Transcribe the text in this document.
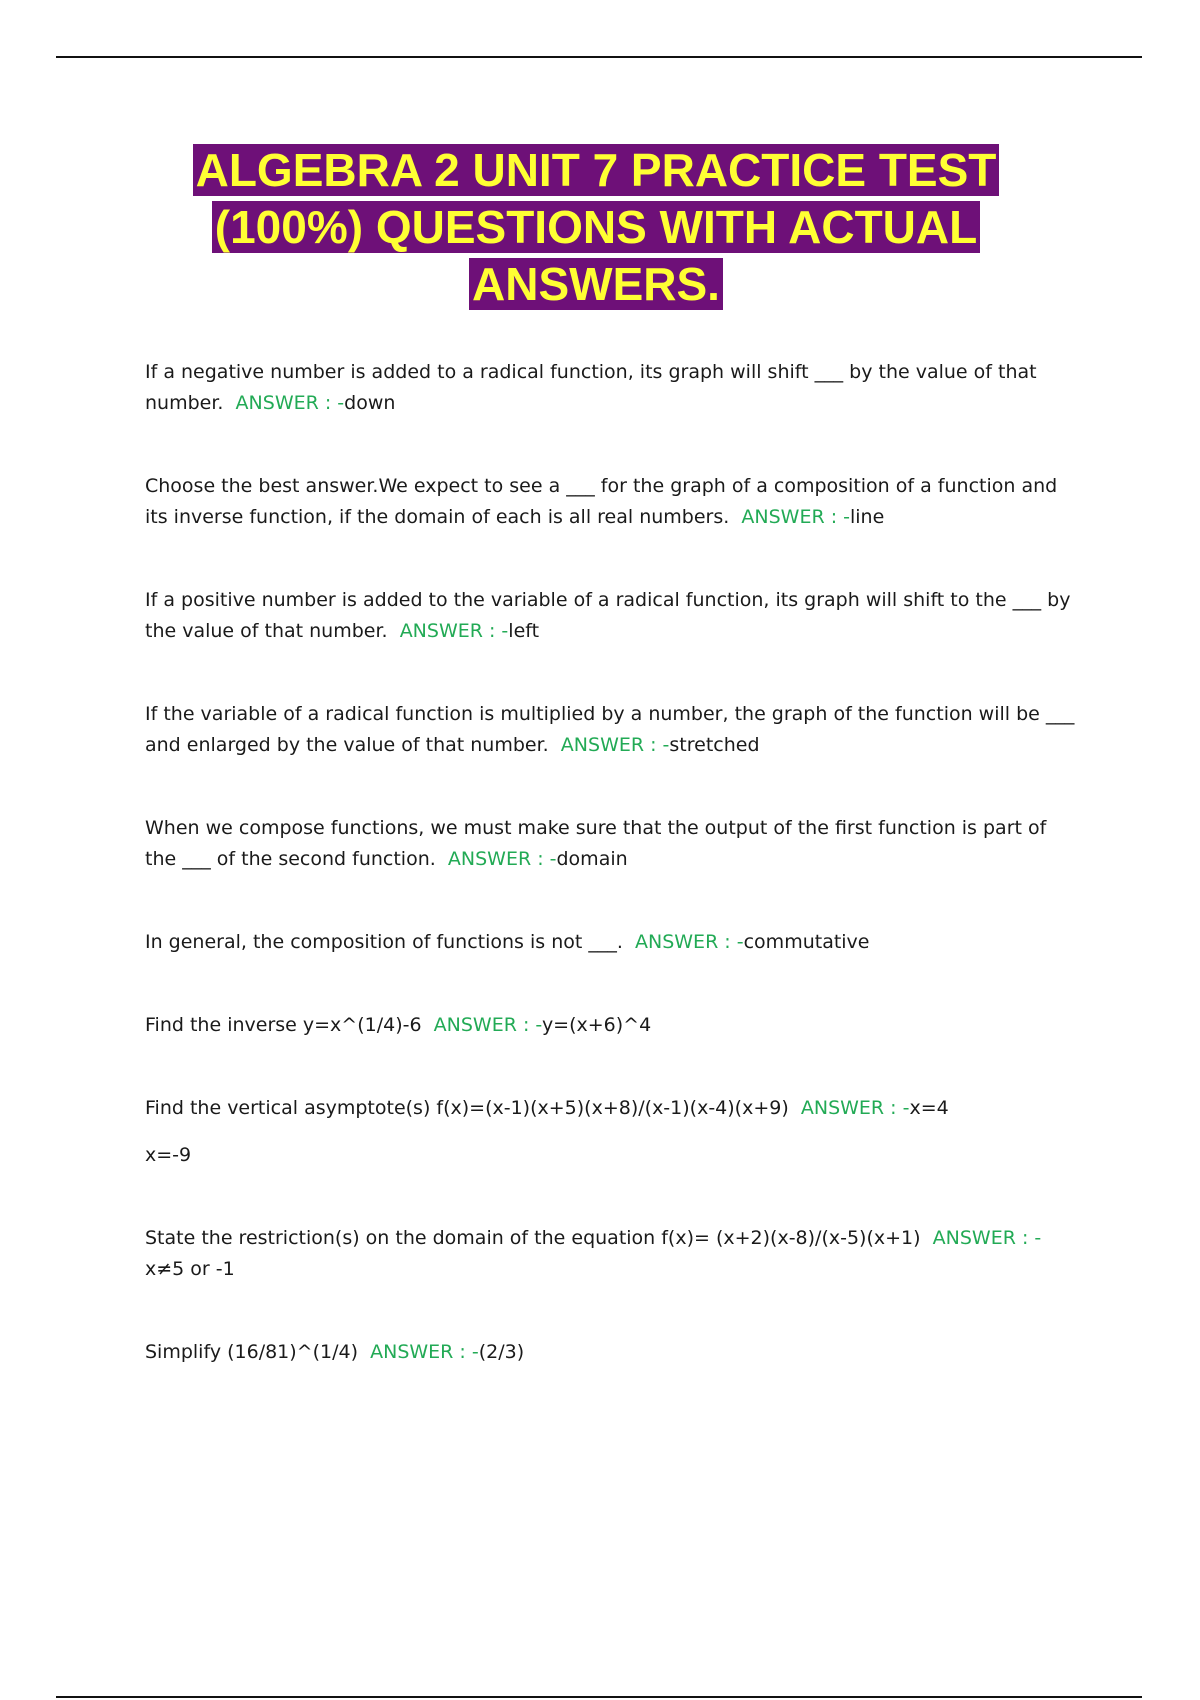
ALGEBRA 2 UNIT 7 PRACTICE TEST (100%) QUESTIONS WITH ACTUAL ANSWERS.

If a negative number is added to a radical function, its graph will shift ___ by the value of that number. ANSWER : -down

Choose the best answer.We expect to see a ___ for the graph of a composition of a function and its inverse function, if the domain of each is all real numbers. ANSWER : -line

If a positive number is added to the variable of a radical function, its graph will shift to the ___ by the value of that number. ANSWER : -left

If the variable of a radical function is multiplied by a number, the graph of the function will be ___ and enlarged by the value of that number. ANSWER : -stretched

When we compose functions, we must make sure that the output of the first function is part of the ___ of the second function. ANSWER : -domain

In general, the composition of functions is not ___. ANSWER : -commutative

Find the inverse y=x^(1/4)-6 ANSWER : -y=(x+6)^4

Find the vertical asymptote(s) f(x)=(x-1)(x+5)(x+8)/(x-1)(x-4)(x+9) ANSWER : -x=4

x=-9

State the restriction(s) on the domain of the equation f(x)= (x+2)(x-8)/(x-5)(x+1) ANSWER : -x≠5 or -1

Simplify (16/81)^(1/4) ANSWER : -(2/3)
